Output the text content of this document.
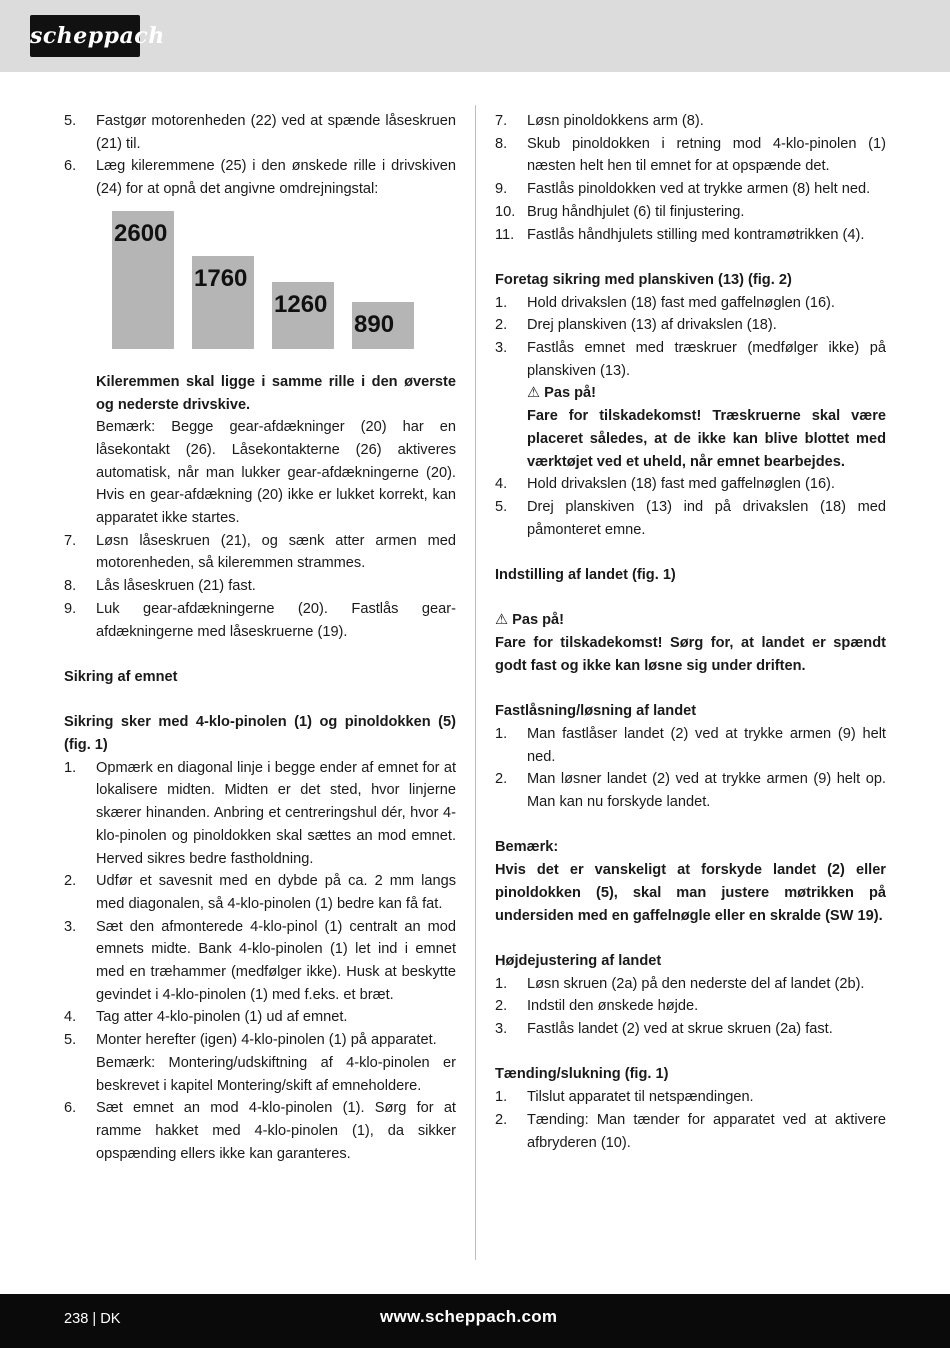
scheppach
5.	Fastgør motorenheden (22) ved at spænde låseskruen (21) til.
6.	Læg kileremmene (25) i den ønskede rille i drivskiven (24) for at opnå det angivne omdrejningstal:
2600
1760
1260
890
Kileremmen skal ligge i samme rille i den øverste og nederste drivskive.
Bemærk: Begge gear-afdækninger (20) har en låsekontakt (26). Låsekontakterne (26) aktiveres automatisk, når man lukker gear-afdækningerne (20). Hvis en gear-afdækning (20) ikke er lukket korrekt, kan apparatet ikke startes.
7.	Løsn låseskruen (21), og sænk atter armen med motorenheden, så kileremmen strammes.
8.	Lås låseskruen (21) fast.
9.	Luk gear-afdækningerne (20). Fastlås gear-afdækningerne med låseskruerne (19).
Sikring af emnet
Sikring sker med 4-klo-pinolen (1) og pinoldokken (5) (fig. 1)
1.	Opmærk en diagonal linje i begge ender af emnet for at lokalisere midten. Midten er det sted, hvor linjerne skærer hinanden. Anbring et centreringshul dér, hvor 4-klo-pinolen og pinoldokken skal sættes an mod emnet. Herved sikres bedre fastholdning.
2.	Udfør et savesnit med en dybde på ca. 2 mm langs med diagonalen, så 4-klo-pinolen (1) bedre kan få fat.
3.	Sæt den afmonterede 4-klo-pinol (1) centralt an mod emnets midte. Bank 4-klo-pinolen (1) let ind i emnet med en træhammer (medfølger ikke). Husk at beskytte gevindet i 4-klo-pinolen (1) med f.eks. et bræt.
4.	Tag atter 4-klo-pinolen (1) ud af emnet.
5.	Monter herefter (igen) 4-klo-pinolen (1) på apparatet.
Bemærk: Montering/udskiftning af 4-klo-pinolen er beskrevet i kapitel Montering/skift af emneholdere.
6.	Sæt emnet an mod 4-klo-pinolen (1). Sørg for at ramme hakket med 4-klo-pinolen (1), da sikker opspænding ellers ikke kan garanteres.
7.	Løsn pinoldokkens arm (8).
8.	Skub pinoldokken i retning mod 4-klo-pinolen (1) næsten helt hen til emnet for at opspænde det.
9.	Fastlås pinoldokken ved at trykke armen (8) helt ned.
10. Brug håndhjulet (6) til finjustering.
11. Fastlås håndhjulets stilling med kontramøtrikken (4).
Foretag sikring med planskiven (13) (fig. 2)
1.	Hold drivakslen (18) fast med gaffelnøglen (16).
2.	Drej planskiven (13) af drivakslen (18).
3.	Fastlås emnet med træskruer (medfølger ikke) på planskiven (13).
⚠ Pas på!
Fare for tilskadekomst! Træskruerne skal være placeret således, at de ikke kan blive blottet med værktøjet ved et uheld, når emnet bearbejdes.
4.	Hold drivakslen (18) fast med gaffelnøglen (16).
5.	Drej planskiven (13) ind på drivakslen (18) med påmonteret emne.
Indstilling af landet (fig. 1)
⚠ Pas på!
Fare for tilskadekomst! Sørg for, at landet er spændt godt fast og ikke kan løsne sig under driften.
Fastlåsning/løsning af landet
1.	Man fastlåser landet (2) ved at trykke armen (9) helt ned.
2.	Man løsner landet (2) ved at trykke armen (9) helt op. Man kan nu forskyde landet.
Bemærk:
Hvis det er vanskeligt at forskyde landet (2) eller pinoldokken (5), skal man justere møtrikken på undersiden med en gaffelnøgle eller en skralde (SW 19).
Højdejustering af landet
1.	Løsn skruen (2a) på den nederste del af landet (2b).
2.	Indstil den ønskede højde.
3.	Fastlås landet (2) ved at skrue skruen (2a) fast.
Tænding/slukning (fig. 1)
1.	Tilslut apparatet til netspændingen.
2.	Tænding: Man tænder for apparatet ved at aktivere afbryderen (10).
238 | DK	www.scheppach.com
